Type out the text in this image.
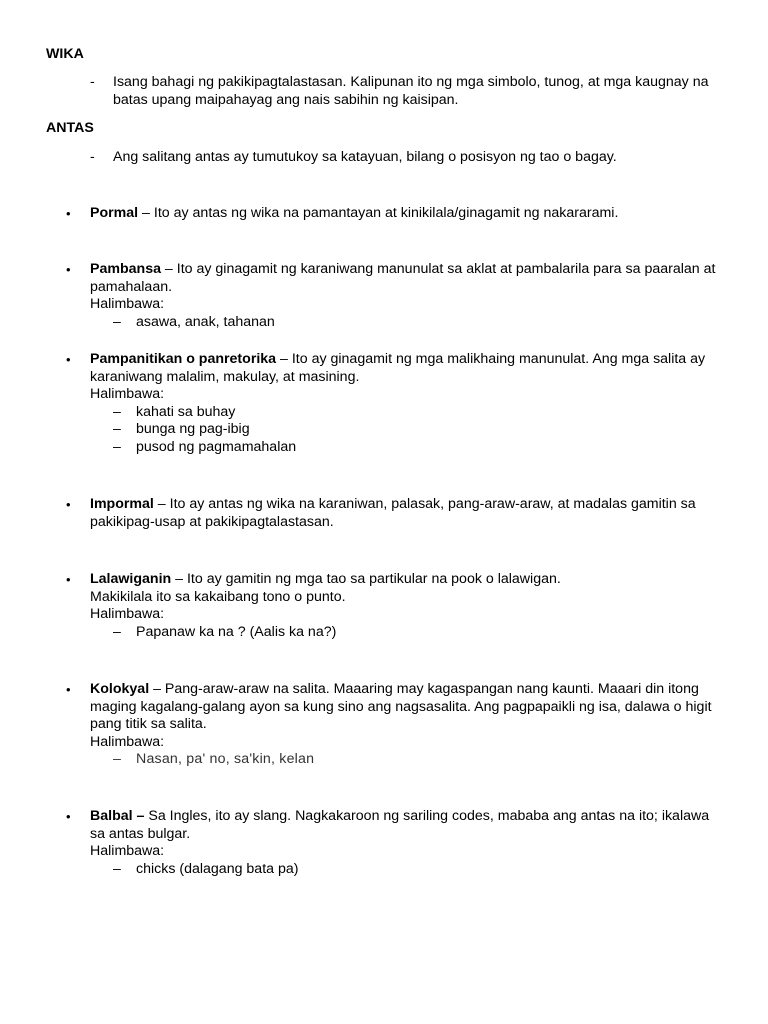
WIKA
- Isang bahagi ng pakikipagtalastasan. Kalipunan ito ng mga simbolo, tunog, at mga kaugnay na batas upang maipahayag ang nais sabihin ng kaisipan.
ANTAS
- Ang salitang antas ay tumutukoy sa katayuan, bilang o posisyon ng tao o bagay.
• Pormal – Ito ay antas ng wika na pamantayan at kinikilala/ginagamit ng nakararami.
• Pambansa – Ito ay ginagamit ng karaniwang manunulat sa aklat at pambalarila para sa paaralan at pamahalaan.
Halimbawa:
– asawa, anak, tahanan
• Pampanitikan o panretorika – Ito ay ginagamit ng mga malikhaing manunulat. Ang mga salita ay karaniwang malalim, makulay, at masining.
Halimbawa:
– kahati sa buhay
– bunga ng pag-ibig
– pusod ng pagmamahalan
• Impormal – Ito ay antas ng wika na karaniwan, palasak, pang-araw-araw, at madalas gamitin sa pakikipag-usap at pakikipagtalastasan.
• Lalawiganin – Ito ay gamitin ng mga tao sa partikular na pook o lalawigan.
Makikilala ito sa kakaibang tono o punto.
Halimbawa:
– Papanaw ka na ? (Aalis ka na?)
• Kolokyal – Pang-araw-araw na salita. Maaaring may kagaspangan nang kaunti. Maaari din itong maging kagalang-galang ayon sa kung sino ang nagsasalita. Ang pagpapaikli ng isa, dalawa o higit pang titik sa salita.
Halimbawa:
– Nasan, pa' no, sa'kin, kelan
• Balbal – Sa Ingles, ito ay slang. Nagkakaroon ng sariling codes, mababa ang antas na ito; ikalawa sa antas bulgar.
Halimbawa:
– chicks (dalagang bata pa)
